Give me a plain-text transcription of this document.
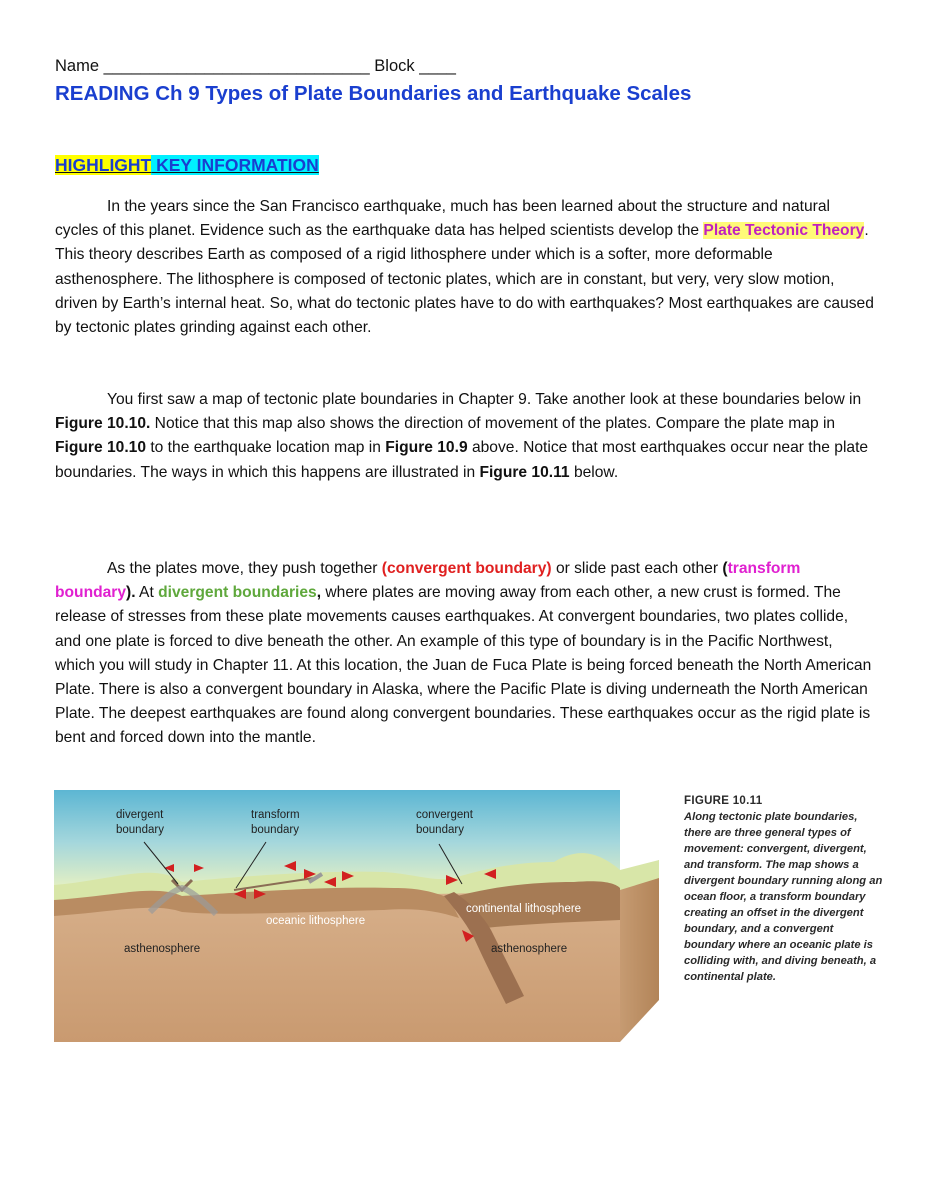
Name _____________________________ Block ____
READING Ch 9 Types of Plate Boundaries and Earthquake Scales
HIGHLIGHT KEY INFORMATION

In the years since the San Francisco earthquake, much has been learned about the structure and natural cycles of this planet. Evidence such as the earthquake data has helped scientists develop the Plate Tectonic Theory. This theory describes Earth as composed of a rigid lithosphere under which is a softer, more deformable asthenosphere. The lithosphere is composed of tectonic plates, which are in constant, but very, very slow motion, driven by Earth’s internal heat. So, what do tectonic plates have to do with earthquakes? Most earthquakes are caused by tectonic plates grinding against each other.

You first saw a map of tectonic plate boundaries in Chapter 9. Take another look at these boundaries below in Figure 10.10. Notice that this map also shows the direction of movement of the plates. Compare the plate map in Figure 10.10 to the earthquake location map in Figure 10.9 above. Notice that most earthquakes occur near the plate boundaries. The ways in which this happens are illustrated in Figure 10.11 below.

As the plates move, they push together (convergent boundary) or slide past each other (transform boundary). At divergent boundaries, where plates are moving away from each other, a new crust is formed. The release of stresses from these plate movements causes earthquakes. At convergent boundaries, two plates collide, and one plate is forced to dive beneath the other. An example of this type of boundary is in the Pacific Northwest, which you will study in Chapter 11. At this location, the Juan de Fuca Plate is being forced beneath the North American Plate. There is also a convergent boundary in Alaska, where the Pacific Plate is diving underneath the North American Plate. The deepest earthquakes are found along convergent boundaries. These earthquakes occur as the rigid plate is bent and forced down into the mantle.

divergent
boundary
transform
boundary
convergent
boundary
asthenosphere	asthenosphere
oceanic lithosphere
continental lithosphere
FIGURE 10.11
Along tectonic plate boundaries, there are three general types of movement: convergent, divergent, and transform. The map shows a divergent boundary running along an ocean floor, a transform boundary creating an offset in the divergent boundary, and a convergent boundary where an oceanic plate is colliding with, and diving beneath, a continental plate.
